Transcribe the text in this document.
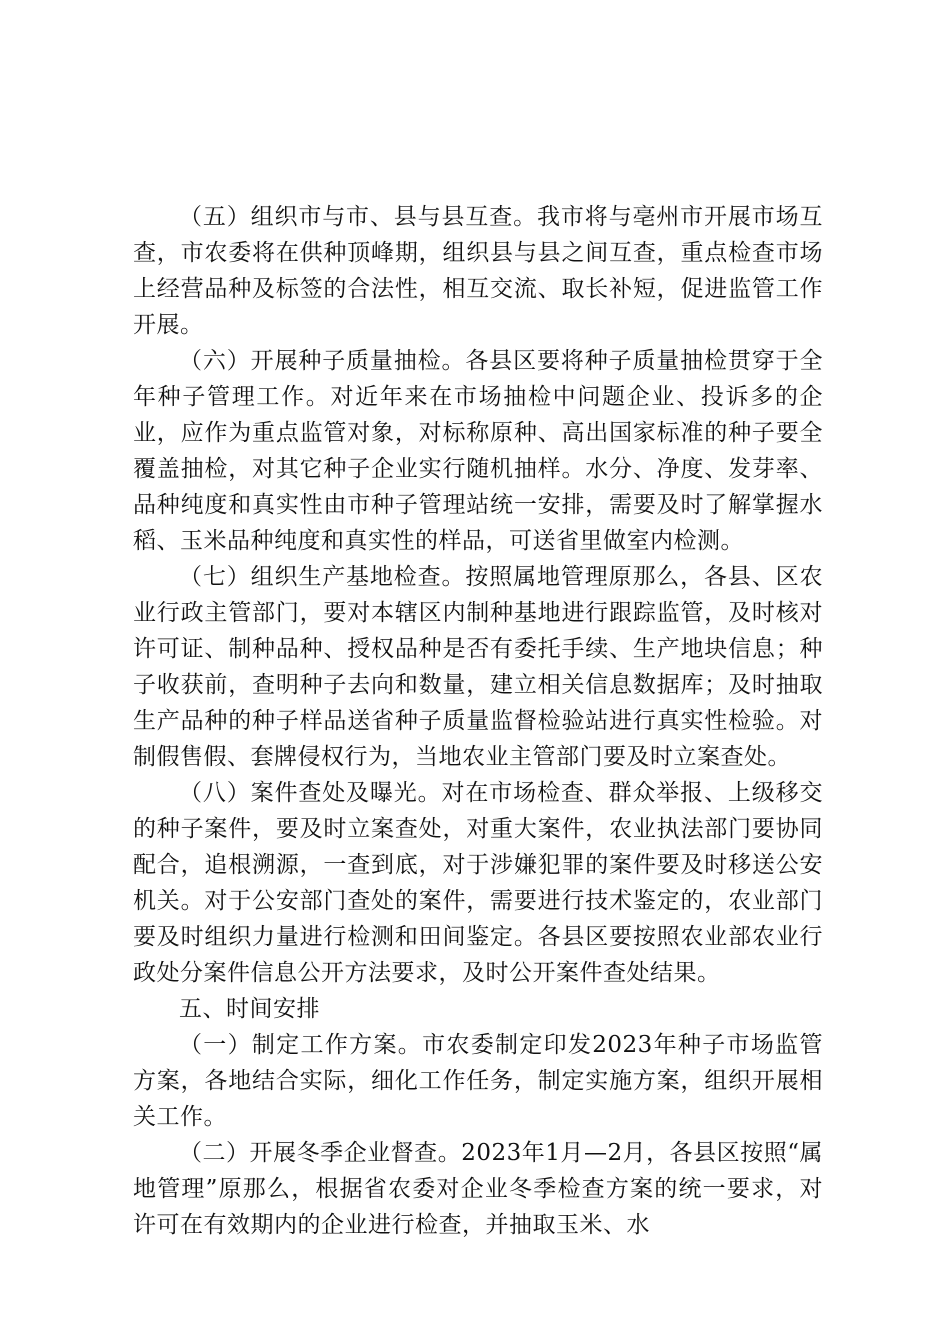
（五）组织市与市、县与县互查。我市将与亳州市开展市场互查，市农委将在供种顶峰期，组织县与县之间互查，重点检查市场上经营品种及标签的合法性，相互交流、取长补短，促进监管工作开展。

（六）开展种子质量抽检。各县区要将种子质量抽检贯穿于全年种子管理工作。对近年来在市场抽检中问题企业、投诉多的企业，应作为重点监管对象，对标称原种、高出国家标准的种子要全覆盖抽检，对其它种子企业实行随机抽样。水分、净度、发芽率、品种纯度和真实性由市种子管理站统一安排，需要及时了解掌握水稻、玉米品种纯度和真实性的样品，可送省里做室内检测。

（七）组织生产基地检查。按照属地管理原那么，各县、区农业行政主管部门，要对本辖区内制种基地进行跟踪监管，及时核对许可证、制种品种、授权品种是否有委托手续、生产地块信息；种子收获前，查明种子去向和数量，建立相关信息数据库；及时抽取生产品种的种子样品送省种子质量监督检验站进行真实性检验。对制假售假、套牌侵权行为，当地农业主管部门要及时立案查处。

（八）案件查处及曝光。对在市场检查、群众举报、上级移交的种子案件，要及时立案查处，对重大案件，农业执法部门要协同配合，追根溯源，一查到底，对于涉嫌犯罪的案件要及时移送公安机关。对于公安部门查处的案件，需要进行技术鉴定的，农业部门要及时组织力量进行检测和田间鉴定。各县区要按照农业部农业行政处分案件信息公开方法要求，及时公开案件查处结果。

五、时间安排

（一）制定工作方案。市农委制定印发2023年种子市场监管方案，各地结合实际，细化工作任务，制定实施方案，组织开展相关工作。

（二）开展冬季企业督查。2023年1月—2月，各县区按照“属地管理”原那么，根据省农委对企业冬季检查方案的统一要求，对许可在有效期内的企业进行检查，并抽取玉米、水
